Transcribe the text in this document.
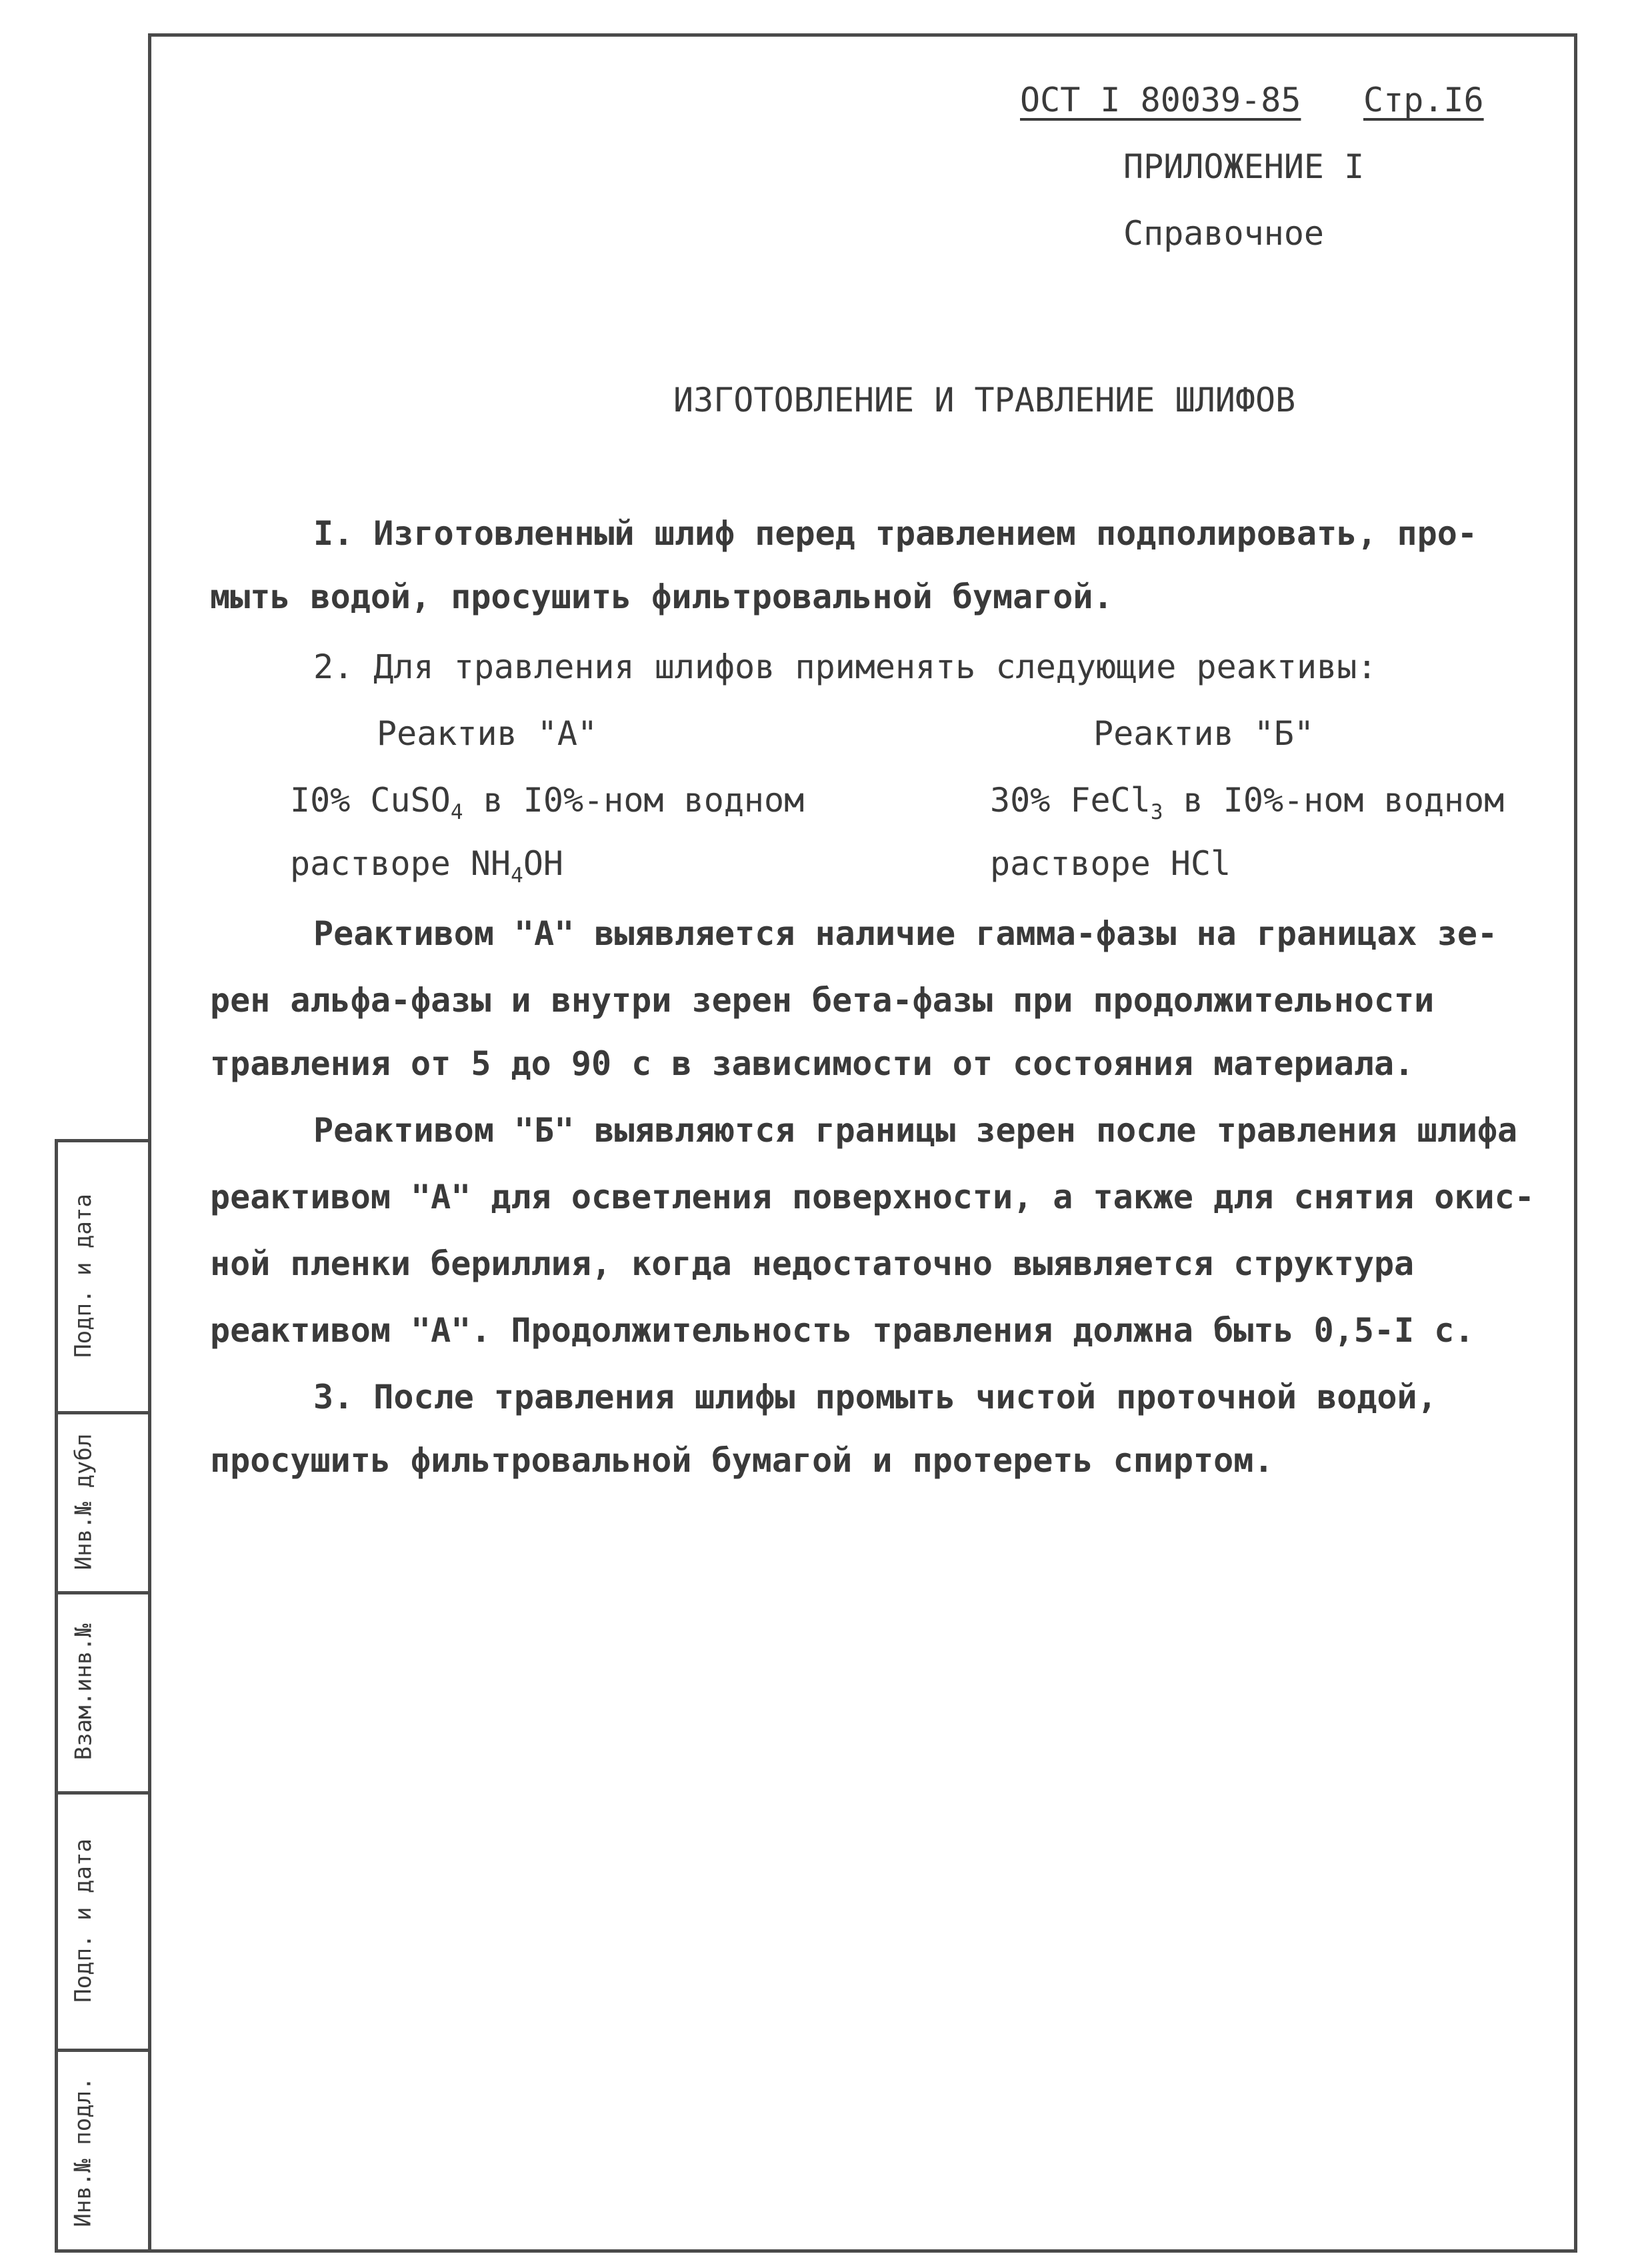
Подп. и дата
Инв.№ дубл
Взам.инв.№
Подп. и дата
Инв.№ подл.
ОСТ I 80039-85 Стр.I6
ПРИЛОЖЕНИЕ I
Справочное
ИЗГОТОВЛЕНИЕ И ТРАВЛЕНИЕ ШЛИФОВ
I. Изготовленный шлиф перед травлением подполировать, про-
мыть водой, просушить фильтровальной бумагой.
2. Для травления шлифов применять следующие реактивы:
Реактив "А"	Реактив "Б"
I0% CuSO$_4$ в I0%-ном водном	30% FeCl$_3$ в I0%-ном водном
растворе $NH_4OH$	растворе HCl
Реактивом "А" выявляется наличие гамма-фазы на границах зе-
рен альфа-фазы и внутри зерен бета-фазы при продолжительности
травления от 5 до 90 с в зависимости от состояния материала.
Реактивом "Б" выявляются границы зерен после травления шлифа
реактивом "А" для осветления поверхности, а также для снятия окис-
ной пленки бериллия, когда недостаточно выявляется структура
реактивом "А". Продолжительность травления должна быть 0,5-I с.
3. После травления шлифы промыть чистой проточной водой,
просушить фильтровальной бумагой и протереть спиртом.
